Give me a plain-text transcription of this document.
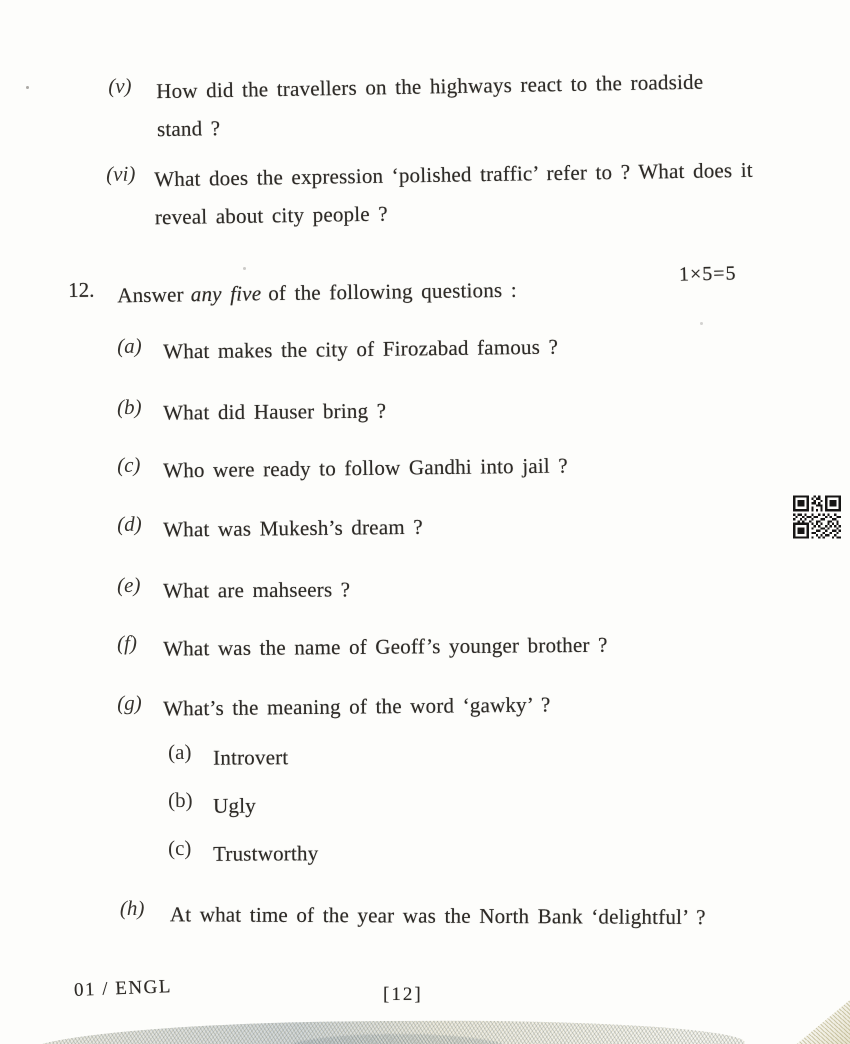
(v)	How did the travellers on the highways react to the roadside stand ?
(vi) What does the expression ‘polished traffic’ refer to ? What does it reveal about city people ?
12.	Answer any five of the following questions :
1×5=5
(a)	What makes the city of Firozabad famous ?
(b)	What did Hauser bring ?
(c)	Who were ready to follow Gandhi into jail ?
(d)	What was Mukesh’s dream ?
(e)	What are mahseers ?
(f)	What was the name of Geoff’s younger brother ?
(g)	What’s the meaning of the word ‘gawky’ ?
(a)	Introvert
(b) Ugly
(c)	Trustworthy
(h)	At what time of the year was the North Bank ‘delightful’ ?
01 / ENGL	[12]
